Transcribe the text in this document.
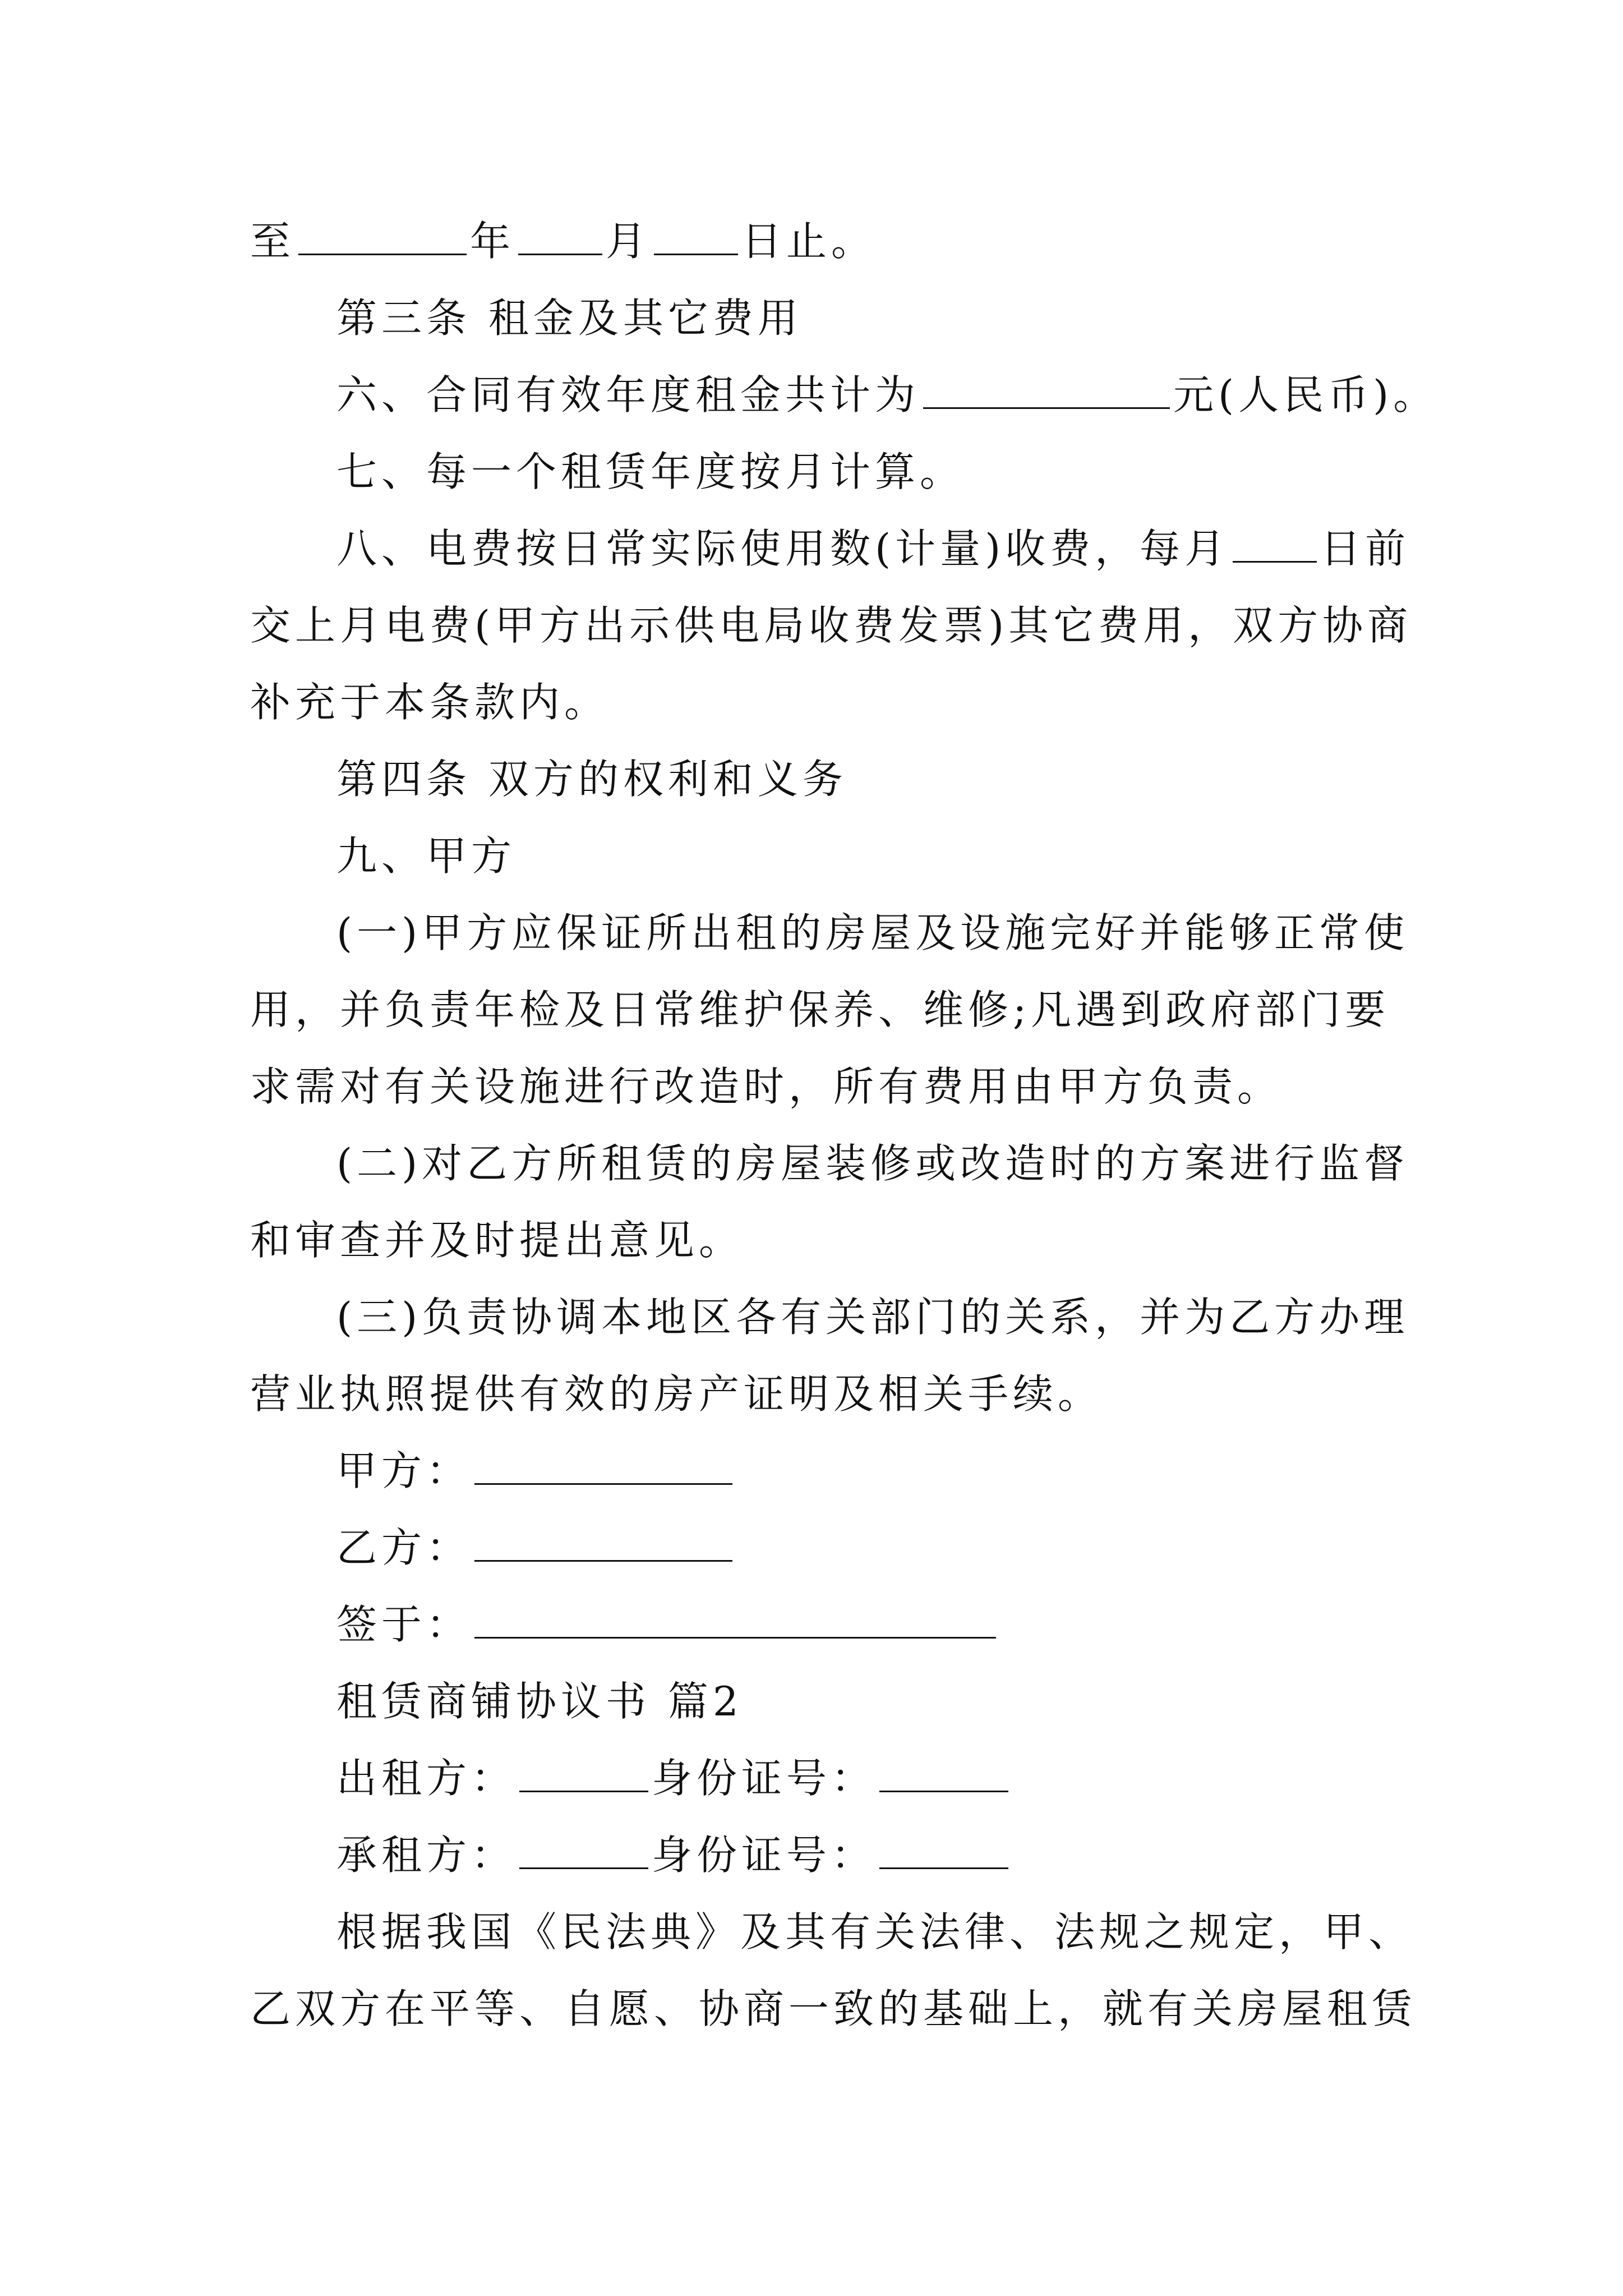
至	年 月 日止。
第三条 租金及其它费用
六、合同有效年度租金共计为	元(人民币)。
七、每一个租赁年度按月计算。
八、电费按日常实际使用数(计量)收费，每月 日前
交上月电费(甲方出示供电局收费发票)其它费用，双方协商
补充于本条款内。
第四条 双方的权利和义务
九、甲方
(一)甲方应保证所出租的房屋及设施完好并能够正常使
用，并负责年检及日常维护保养、维修;凡遇到政府部门要
求需对有关设施进行改造时，所有费用由甲方负责。
(二)对乙方所租赁的房屋装修或改造时的方案进行监督
和审查并及时提出意见。
(三)负责协调本地区各有关部门的关系，并为乙方办理
营业执照提供有效的房产证明及相关手续。
甲方：
乙方：
签于：
租赁商铺协议书 篇2
出租方：	身份证号：
承租方：	身份证号：
根据我国《民法典》及其有关法律、法规之规定，甲、
乙双方在平等、自愿、协商一致的基础上，就有关房屋租赁
